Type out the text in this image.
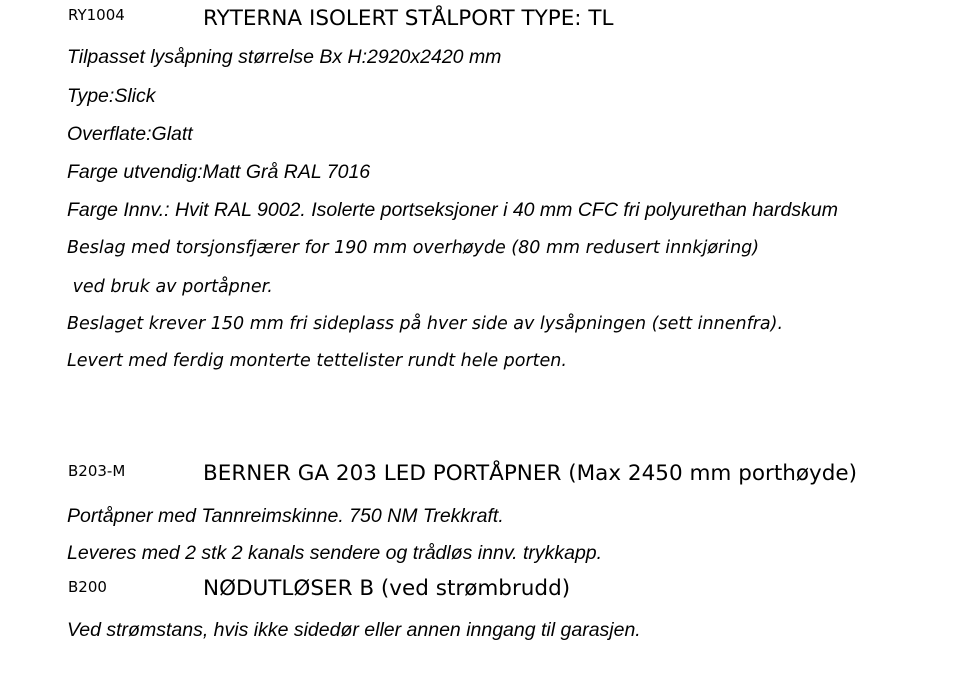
RY1004	RYTERNA ISOLERT STÅLPORT TYPE: TL
Tilpasset lysåpning størrelse Bx H:2920x2420 mm
Type:Slick
Overflate:Glatt
Farge utvendig:Matt Grå RAL 7016
Farge Innv.: Hvit RAL 9002. Isolerte portseksjoner i 40 mm CFC fri polyurethan hardskum
Beslag med torsjonsfjærer for 190 mm overhøyde (80 mm redusert innkjøring)
ved bruk av portåpner.
Beslaget krever 150 mm fri sideplass på hver side av lysåpningen (sett innenfra).
Levert med ferdig monterte tettelister rundt hele porten.
B203-M	BERNER GA 203 LED PORTÅPNER (Max 2450 mm porthøyde)
Portåpner med Tannreimskinne. 750 NM Trekkraft.
Leveres med 2 stk 2 kanals sendere og trådløs innv. trykkapp.
B200	NØDUTLØSER B (ved strømbrudd)
Ved strømstans, hvis ikke sidedør eller annen inngang til garasjen.
